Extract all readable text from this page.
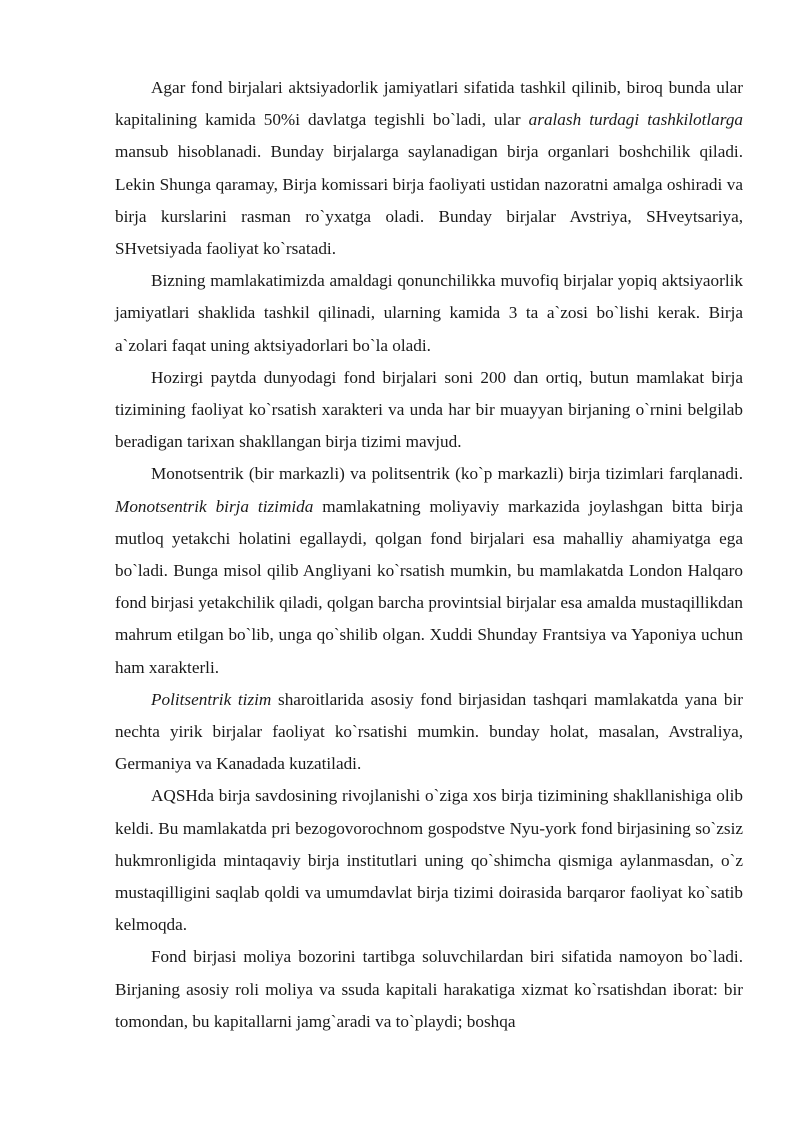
Agar fond birjalari aktsiyadorlik jamiyatlari sifatida tashkil qilinib, biroq bunda ular kapitalining kamida 50%i davlatga tegishli bo`ladi, ular aralash turdagi tashkilotlarga mansub hisoblanadi. Bunday birjalarga saylanadigan birja organlari boshchilik qiladi. Lekin Shunga qaramay, Birja komissari birja faoliyati ustidan nazoratni amalga oshiradi va birja kurslarini rasman ro`yxatga oladi. Bunday birjalar Avstriya, SHveytsariya, SHvetsiyada faoliyat ko`rsatadi.

Bizning mamlakatimizda amaldagi qonunchilikka muvofiq birjalar yopiq aktsiyaorlik jamiyatlari shaklida tashkil qilinadi, ularning kamida 3 ta a`zosi bo`lishi kerak. Birja a`zolari faqat uning aktsiyadorlari bo`la oladi.

Hozirgi paytda dunyodagi fond birjalari soni 200 dan ortiq, butun mamlakat birja tizimining faoliyat ko`rsatish xarakteri va unda har bir muayyan birjaning o`rnini belgilab beradigan tarixan shakllangan birja tizimi mavjud.

Monotsentrik (bir markazli) va politsentrik (ko`p markazli) birja tizimlari farqlanadi. Monotsentrik birja tizimida mamlakatning moliyaviy markazida joylashgan bitta birja mutloq yetakchi holatini egallaydi, qolgan fond birjalari esa mahalliy ahamiyatga ega bo`ladi. Bunga misol qilib Angliyani ko`rsatish mumkin, bu mamlakatda London Halqaro fond birjasi yetakchilik qiladi, qolgan barcha provintsial birjalar esa amalda mustaqillikdan mahrum etilgan bo`lib, unga qo`shilib olgan. Xuddi Shunday Frantsiya va Yaponiya uchun ham xarakterli.

Politsentrik tizim sharoitlarida asosiy fond birjasidan tashqari mamlakatda yana bir nechta yirik birjalar faoliyat ko`rsatishi mumkin. bunday holat, masalan, Avstraliya, Germaniya va Kanadada kuzatiladi.

AQSHda birja savdosining rivojlanishi o`ziga xos birja tizimining shakllanishiga olib keldi. Bu mamlakatda pri bezogovorochnom gospodstve Nyu-york fond birjasining so`zsiz hukmronligida mintaqaviy birja institutlari uning qo`shimcha qismiga aylanmasdan, o`z mustaqilligini saqlab qoldi va umumdavlat birja tizimi doirasida barqaror faoliyat ko`satib kelmoqda.

Fond birjasi moliya bozorini tartibga soluvchilardan biri sifatida namoyon bo`ladi. Birjaning asosiy roli moliya va ssuda kapitali harakatiga xizmat ko`rsatishdan iborat: bir tomondan, bu kapitallarni jamg`aradi va to`playdi; boshqa
